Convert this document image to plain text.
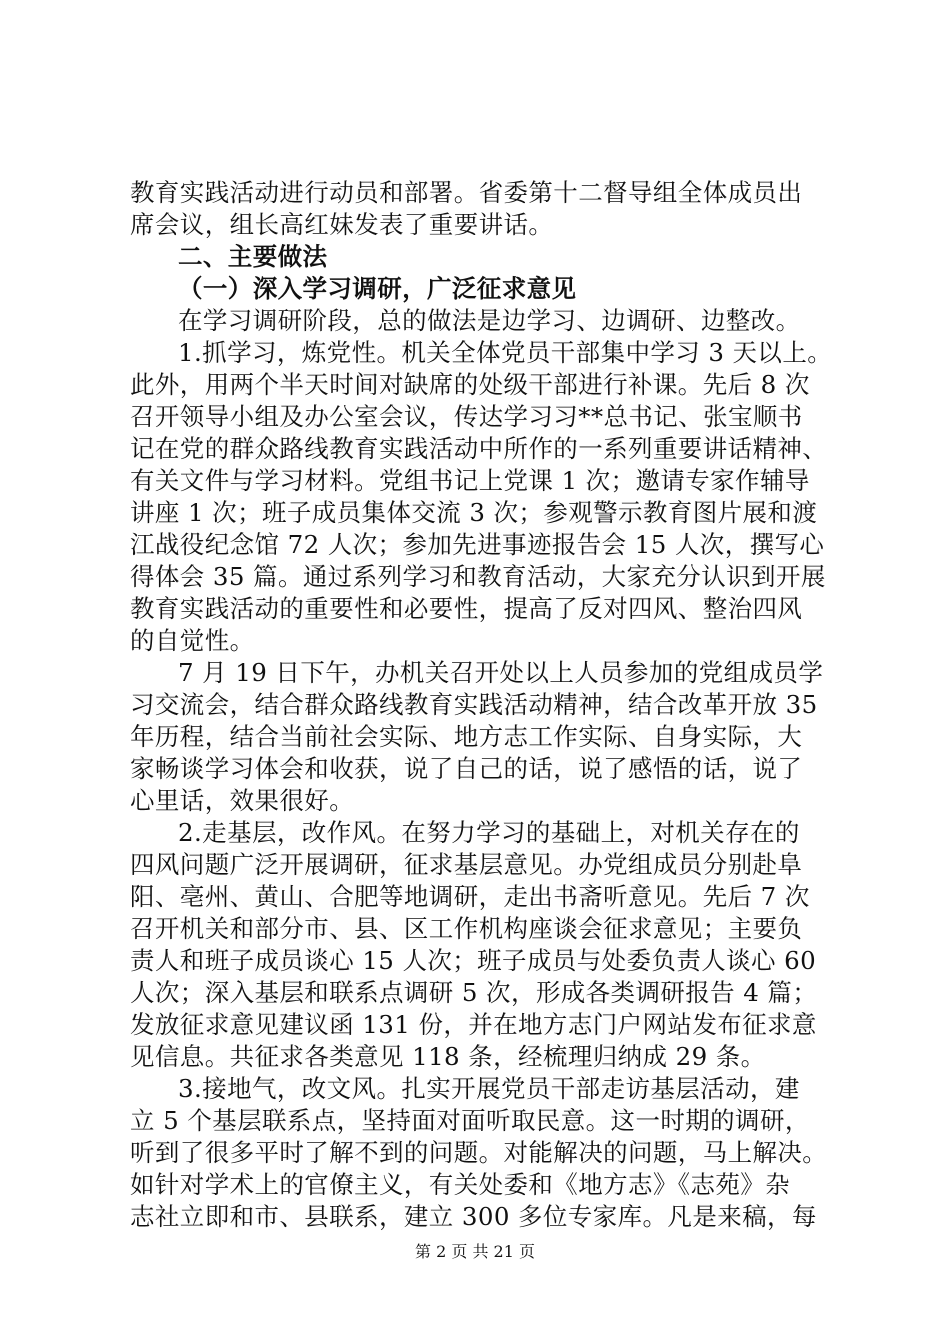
教育实践活动进行动员和部署。省委第十二督导组全体成员出
席会议，组长高红妹发表了重要讲话。
二、主要做法
（一）深入学习调研，广泛征求意见
在学习调研阶段，总的做法是边学习、边调研、边整改。
1.抓学习，炼党性。机关全体党员干部集中学习 3 天以上。
此外，用两个半天时间对缺席的处级干部进行补课。先后 8 次
召开领导小组及办公室会议，传达学习习**总书记、张宝顺书
记在党的群众路线教育实践活动中所作的一系列重要讲话精神、
有关文件与学习材料。党组书记上党课 1 次；邀请专家作辅导
讲座 1 次；班子成员集体交流 3 次；参观警示教育图片展和渡
江战役纪念馆 72 人次；参加先进事迹报告会 15 人次，撰写心
得体会 35 篇。通过系列学习和教育活动，大家充分认识到开展
教育实践活动的重要性和必要性，提高了反对四风、整治四风
的自觉性。
7 月 19 日下午，办机关召开处以上人员参加的党组成员学
习交流会，结合群众路线教育实践活动精神，结合改革开放 35
年历程，结合当前社会实际、地方志工作实际、自身实际，大
家畅谈学习体会和收获，说了自己的话，说了感悟的话，说了
心里话，效果很好。
2.走基层，改作风。在努力学习的基础上，对机关存在的
四风问题广泛开展调研，征求基层意见。办党组成员分别赴阜
阳、亳州、黄山、合肥等地调研，走出书斋听意见。先后 7 次
召开机关和部分市、县、区工作机构座谈会征求意见；主要负
责人和班子成员谈心 15 人次；班子成员与处委负责人谈心 60
人次；深入基层和联系点调研 5 次，形成各类调研报告 4 篇；
发放征求意见建议函 131 份，并在地方志门户网站发布征求意
见信息。共征求各类意见 118 条，经梳理归纳成 29 条。
3.接地气，改文风。扎实开展党员干部走访基层活动，建
立 5 个基层联系点，坚持面对面听取民意。这一时期的调研，
听到了很多平时了解不到的问题。对能解决的问题，马上解决。
如针对学术上的官僚主义，有关处委和《地方志》《志苑》杂
志社立即和市、县联系，建立 300 多位专家库。凡是来稿，每
第 2 页 共 21 页
